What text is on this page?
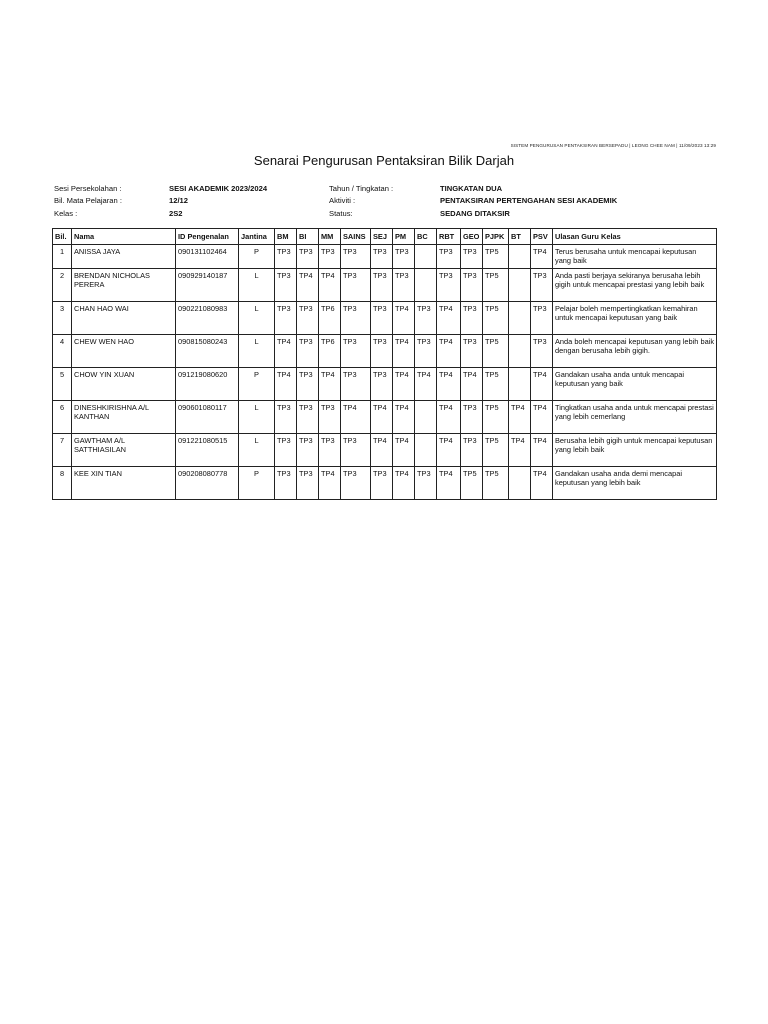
SISTEM PENGURUSAN PENTAKSIRAN BERSEPADU | LEONG CHEE NAM | 11/09/2023 13:29
Senarai Pengurusan Pentaksiran Bilik Darjah
Sesi Persekolahan :	SESI AKADEMIK 2023/2024	Tahun / Tingkatan :	TINGKATAN DUA
Bil. Mata Pelajaran :	12/12	Aktiviti :	PENTAKSIRAN PERTENGAHAN SESI AKADEMIK
Kelas :	2S2	Status:	SEDANG DITAKSIR
Bil.	Nama	ID Pengenalan	Jantina	BM	BI	MM	SAINS	SEJ	PM	BC	RBT	GEO	PJPK	BT	PSV	Ulasan Guru Kelas
1	ANISSA JAYA	090131102464	P	TP3	TP3	TP3	TP3	TP3	TP3		TP3	TP3	TP5		TP4	Terus berusaha untuk mencapai keputusan yang baik
2	BRENDAN NICHOLAS PERERA	090929140187	L	TP3	TP4	TP4	TP3	TP3	TP3		TP3	TP3	TP5		TP3	Anda pasti berjaya sekiranya berusaha lebih gigih untuk mencapai prestasi yang lebih baik
3	CHAN HAO WAI	090221080983	L	TP3	TP3	TP6	TP3	TP3	TP4	TP3	TP4	TP3	TP5		TP3	Pelajar boleh mempertingkatkan kemahiran untuk mencapai keputusan yang baik
4	CHEW WEN HAO	090815080243	L	TP4	TP3	TP6	TP3	TP3	TP4	TP3	TP4	TP3	TP5		TP3	Anda boleh mencapai keputusan yang lebih baik dengan berusaha lebih gigih.
5	CHOW YIN XUAN	091219080620	P	TP4	TP3	TP4	TP3	TP3	TP4	TP4	TP4	TP4	TP5		TP4	Gandakan usaha anda untuk mencapai keputusan yang baik
6	DINESHKIRISHNA A/L KANTHAN	090601080117	L	TP3	TP3	TP3	TP4	TP4	TP4		TP4	TP3	TP5	TP4	TP4	Tingkatkan usaha anda untuk mencapai prestasi yang lebih cemerlang
7	GAWTHAM A/L SATTHIASILAN	091221080515	L	TP3	TP3	TP3	TP3	TP4	TP4		TP4	TP3	TP5	TP4	TP4	Berusaha lebih gigih untuk mencapai keputusan yang lebih baik
8	KEE XIN TIAN	090208080778	P	TP3	TP3	TP4	TP3	TP3	TP4	TP3	TP4	TP5	TP5		TP4	Gandakan usaha anda demi mencapai keputusan yang lebih baik
